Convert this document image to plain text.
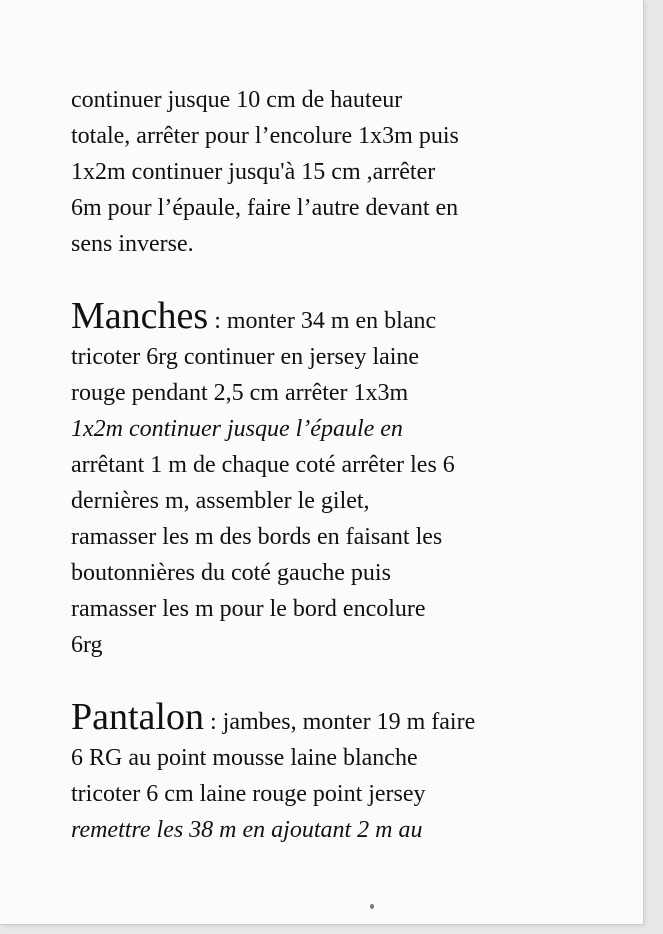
continuer jusque 10 cm de hauteur
totale, arrêter pour l’encolure 1x3m puis
1x2m continuer jusqu'à 15 cm ,arrêter
6m pour l’épaule, faire l’autre devant en
sens inverse.
Manches : monter 34 m en blanc
tricoter 6rg continuer en jersey laine
rouge pendant 2,5 cm arrêter 1x3m
1x2m continuer jusque l’épaule en
arrêtant 1 m de chaque coté arrêter les 6
dernières m, assembler le gilet,
ramasser les m des bords en faisant les
boutonnières du coté gauche puis
ramasser les m pour le bord encolure
6rg
Pantalon : jambes, monter 19 m faire
6 RG au point mousse laine blanche
tricoter 6 cm laine rouge point jersey
remettre les 38 m en ajoutant 2 m au
